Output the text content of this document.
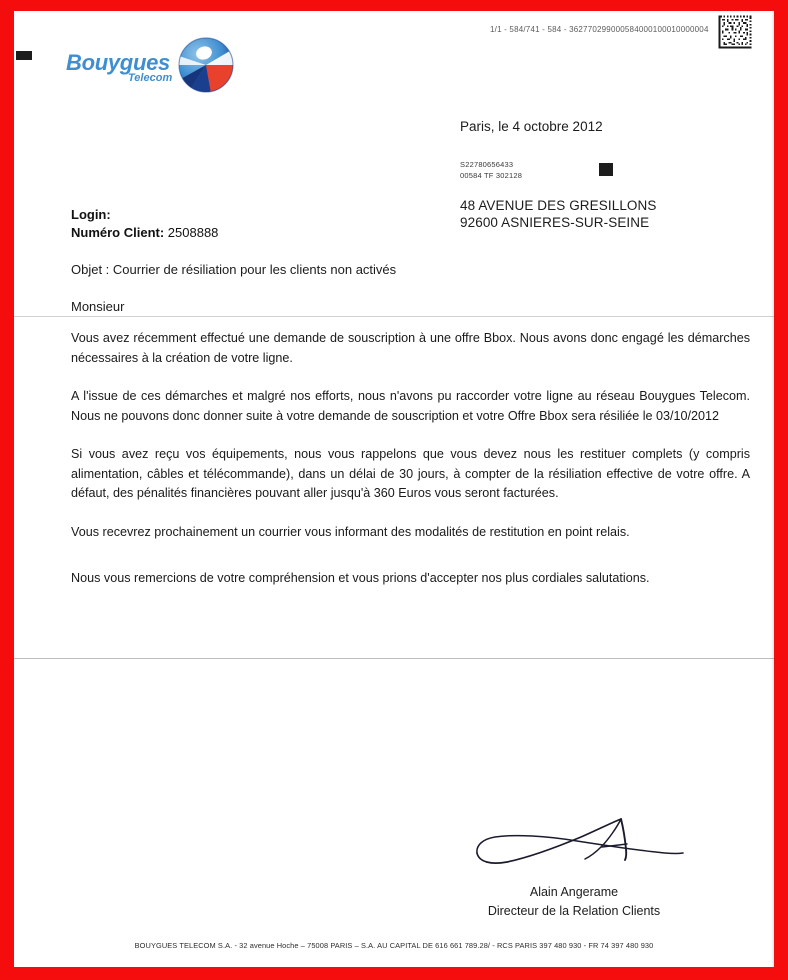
1/1 - 584/741 - 584 - 362770299000584000100010000004
Bouygues
Telecom
Paris, le 4 octobre 2012
S22780656433
00584 TF 302128
48 AVENUE DES GRESILLONS
92600 ASNIERES-SUR-SEINE
Login:
Numéro Client: 2508888
Objet : Courrier de résiliation pour les clients non activés
Monsieur

Vous avez récemment effectué une demande de souscription à une offre Bbox. Nous avons donc engagé les démarches nécessaires à la création de votre ligne.

A l'issue de ces démarches et malgré nos efforts, nous n'avons pu raccorder votre ligne au réseau Bouygues Telecom. Nous ne pouvons donc donner suite à votre demande de souscription et votre Offre Bbox sera résiliée le 03/10/2012

Si vous avez reçu vos équipements, nous vous rappelons que vous devez nous les restituer complets (y compris alimentation, câbles et télécommande), dans un délai de 30 jours, à compter de la résiliation effective de votre offre. A défaut, des pénalités financières pouvant aller jusqu'à 360 Euros vous seront facturées.

Vous recevrez prochainement un courrier vous informant des modalités de restitution en point relais.

Nous vous remercions de votre compréhension et vous prions d'accepter nos plus cordiales salutations.

Alain Angerame
Directeur de la Relation Clients
BOUYGUES TELECOM S.A. - 32 avenue Hoche – 75008 PARIS – S.A. AU CAPITAL DE 616 661 789.28/ - RCS PARIS 397 480 930 - FR 74 397 480 930
